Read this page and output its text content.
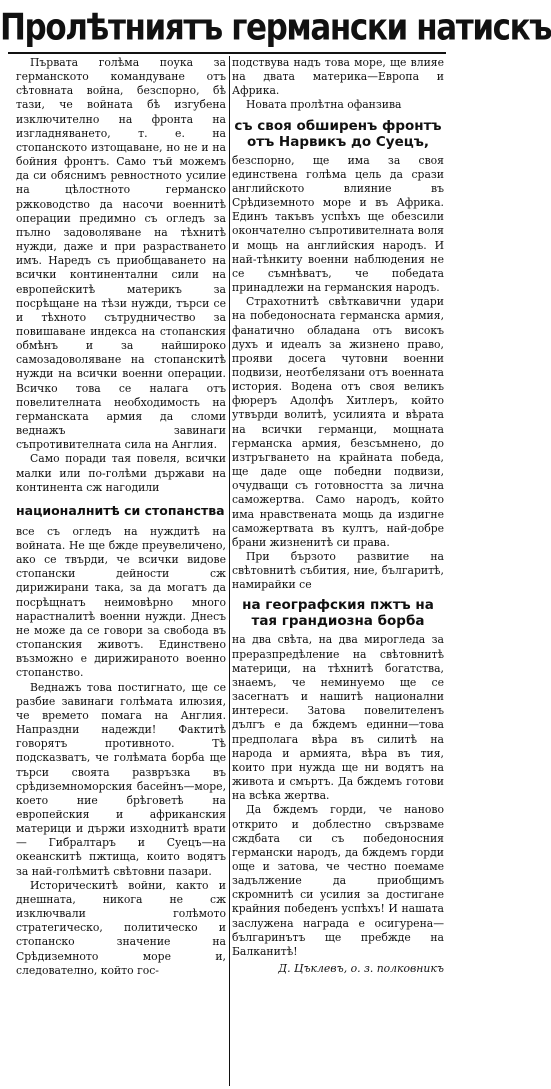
Пролѣтниятъ германски натискъ

Първата голѣма поука за германското командуване отъ сѣтовната война, безспорно, бѣ тази, че войната бѣ изгубена изключително на фронта на изгладняването, т. е. на стопанското изтощаване, но не и на бойния фронтъ. Само тъй можемъ да си обяснимъ ревностното усилие на цѣлостното германско ржководство да насочи военнитѣ операции предимно съ огледъ за пълно задоволяване на тѣхнитѣ нужди, даже и при разрастването имъ. Нарeдъ съ приобщаването на всички континентални сили на европейскитѣ материкъ за посрѣщане на тѣзи нужди, търси се и тѣхното сътрудничество за повишаване индекса на стопанския обмѣнъ и за найшироко самозадоволяване на стопанскитѣ нужди на всички военни операции. Всичко това се налага отъ повелителната необходимость на германската армия да сломи веднажъ завинаги съпротивителната сила на Англия.

Само поради тая повеля, всички малки или по-голѣми държави на континента сж нагодили

националнитѣ си стопанства

все съ огледъ на нуждитѣ на войната. Не ще бжде преувеличено, ако се твърди, че всички видове стопански дейности сж дирижирани така, за да могатъ да посрѣщнатъ неимовѣрно много нарастналитѣ военни нужди. Днесъ не може да се говори за свобода въ стопанския животъ. Единствено възможно е дирижираното военно стопанство.

Веднажъ това постигнато, ще се разбие завинаги голѣмата илюзия, че времето помага на Англия. Напраздни надежди! Фактитѣ говорятъ противното. Тѣ подсказватъ, че голѣмата борба ще търси своята развръзка въ срѣдиземноморския басейнъ—море, което ние брѣговетѣ на европейския и африканския материци и държи изходнитѣ врати — Гибралтаръ и Суецъ—на океанскитѣ пжтища, които водятъ за най-голѣмитѣ свѣтовни пазари.

Историческитѣ войни, както и днешната, никога не сж изключвали голѣмото стратегическо, политическо и стопанско значение на Срѣдиземното море и, следователно, който гос-

подствува надъ това море, ще влияе на двата материка—Европа и Африка.

Новата пролѣтна офанзива

съ своя обширенъ фронтъ отъ Нарвикъ до Суецъ,

безспорно, ще има за своя единствена голѣма цель да срази английското влияние въ Срѣдиземното море и въ Африка. Единъ такъвъ успѣхъ ще обезсили окончателно съпротивителната воля и мощь на английския народъ. И най-тѣнкиту военни наблюдения не се съмнѣватъ, че победата принадлежи на германския народъ.

Страхотнитѣ свѣткавични удари на победоносната германска армия, фанатично обладана отъ високъ духъ и идеалъ за жизнено право, прояви досега чутовни военни подвизи, неотбелязани отъ военната история. Водена отъ своя великъ фюреръ Адолфъ Хитлеръ, който утвърди волитѣ, усилията и вѣрата на всички германци, мощната германска армия, безсъмнено, до изтръгването на крайната победа, ще даде още победни подвизи, очудващи съ готовността за лична саможертва. Само народъ, който има нравствената мощь да издигне саможертвата въ култъ, най-добре брани жизненитѣ си права.

При бързото развитие на свѣтовнитѣ събития, ние, българитѣ, намирайки се

на географския пжтъ на тая грандиозна борба

на два свѣта, на два мирогледа за преразпредѣление на свѣтовнитѣ материци, на тѣхнитѣ богатства, знаемъ, че неминуемо ще се засегнатъ и нашитѣ национални интереси. Затова повелителенъ дългъ е да бждемъ единни—това предполага вѣра въ силитѣ на народа и армията, вѣра въ тия, които при нужда ще ни водятъ на живота и смъртъ. Да бждемъ готови на всѣка жертва.

Да бждемъ горди, че наново открито и доблестно свързваме сждбата си съ победоносния германски народъ, да бждемъ горди още и затова, че честно поемаме задължение да приобщимъ скромнитѣ си усилия за достигане крайния победенъ успѣхъ! И нашата заслужена награда е осигурена—българинътъ ще пребжде на Балканитѣ!

Д. Цъклевъ, о. з. полковникъ
